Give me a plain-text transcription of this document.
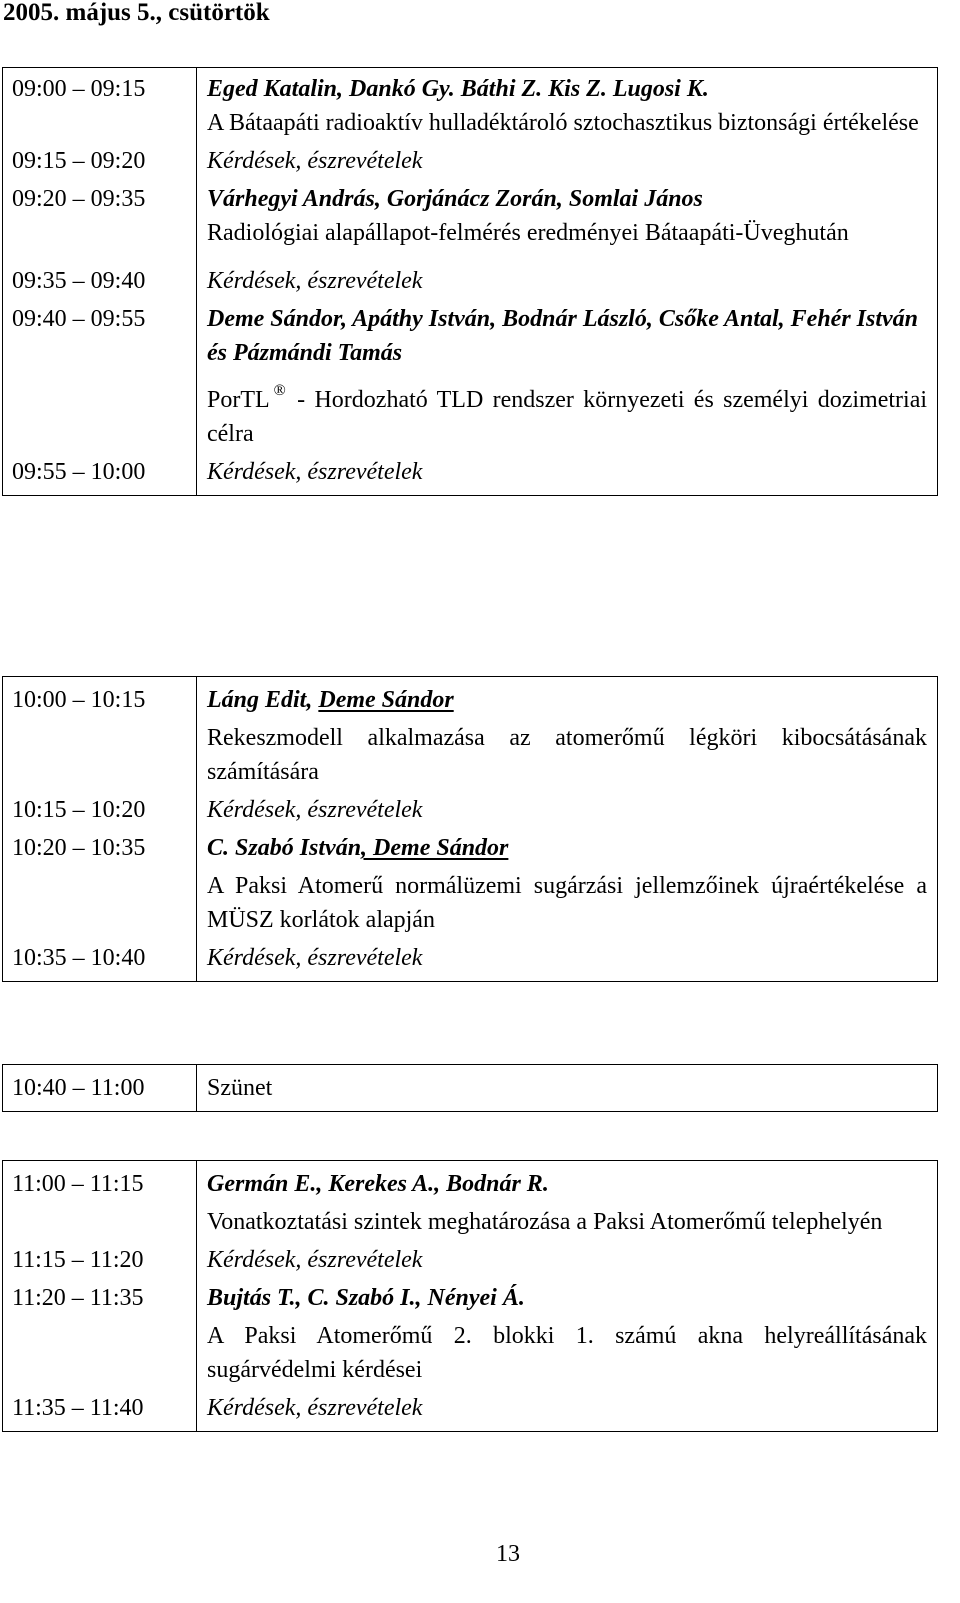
2005. május 5., csütörtök
09:00 – 09:15	Eged Katalin, Dankó Gy. Báthi Z. Kis Z. Lugosi K.
A Bátaapáti radioaktív hulladéktároló sztochasztikus biztonsági értékelése

09:15 – 09:20	Kérdések, észrevételek
09:20 – 09:35	Várhegyi András, Gorjánácz Zorán, Somlai János
Radiológiai alapállapot-felmérés eredményei Bátaapáti-Üveghután

09:35 – 09:40	Kérdések, észrevételek
09:40 – 09:55	Deme Sándor, Apáthy István, Bodnár László, Csőke Antal, Fehér István és Pázmándi Tamás
PorTL ® - Hordozható TLD rendszer környezeti és személyi dozimetriai célra

09:55 – 10:00	Kérdések, észrevételek
10:00 – 10:15	Láng Edit, Deme Sándor
Rekeszmodell alkalmazása az atomerőmű légköri kibocsátásának számítására

10:15 – 10:20	Kérdések, észrevételek
10:20 – 10:35	C. Szabó István, Deme Sándor
A Paksi Atomerű normálüzemi sugárzási jellemzőinek újraértékelése a MÜSZ korlátok alapján

10:35 – 10:40	Kérdések, észrevételek
10:40 – 11:00	Szünet
11:00 – 11:15	Germán E., Kerekes A., Bodnár R.
Vonatkoztatási szintek meghatározása a Paksi Atomerőmű telephelyén

11:15 – 11:20	Kérdések, észrevételek
11:20 – 11:35	Bujtás T., C. Szabó I., Nényei Á.
A Paksi Atomerőmű 2. blokki 1. számú akna helyreállításának sugárvédelmi kérdései

11:35 – 11:40	Kérdések, észrevételek
13
